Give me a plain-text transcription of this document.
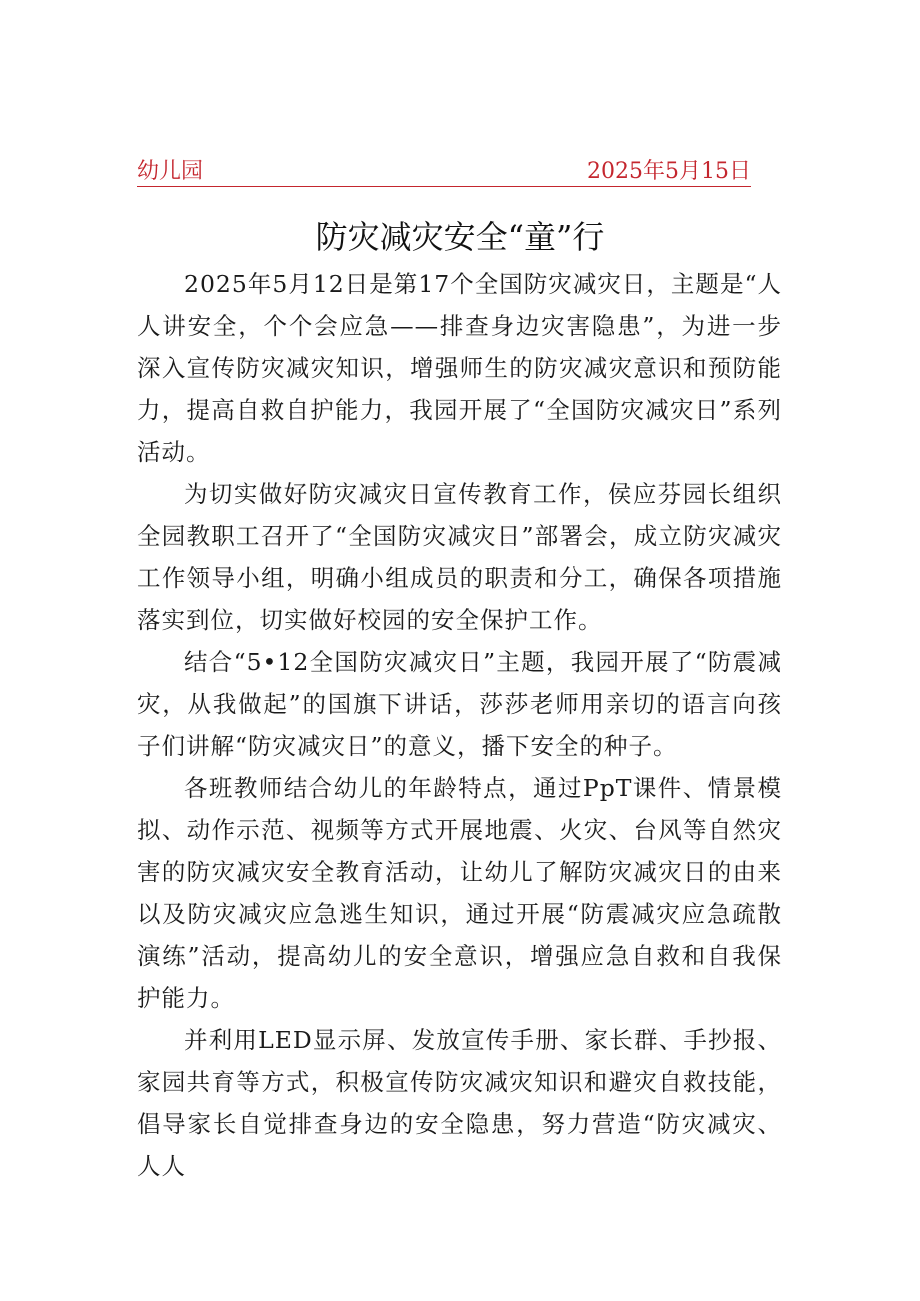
幼儿园	2025年5月15日
防灾减灾安全“童”行

2025年5月12日是第17个全国防灾减灾日，主题是“人人讲安全，个个会应急——排查身边灾害隐患”，为进一步深入宣传防灾减灾知识，增强师生的防灾减灾意识和预防能力，提高自救自护能力，我园开展了“全国防灾减灾日”系列活动。

为切实做好防灾减灾日宣传教育工作，侯应芬园长组织全园教职工召开了“全国防灾减灾日”部署会，成立防灾减灾工作领导小组，明确小组成员的职责和分工，确保各项措施落实到位，切实做好校园的安全保护工作。

结合“5•12全国防灾减灾日”主题，我园开展了“防震减灾，从我做起”的国旗下讲话，莎莎老师用亲切的语言向孩子们讲解“防灾减灾日”的意义，播下安全的种子。

各班教师结合幼儿的年龄特点，通过PpT课件、情景模拟、动作示范、视频等方式开展地震、火灾、台风等自然灾害的防灾减灾安全教育活动，让幼儿了解防灾减灾日的由来以及防灾减灾应急逃生知识，通过开展“防震减灾应急疏散演练”活动，提高幼儿的安全意识，增强应急自救和自我保护能力。

并利用LED显示屏、发放宣传手册、家长群、手抄报、家园共育等方式，积极宣传防灾减灾知识和避灾自救技能，倡导家长自觉排查身边的安全隐患，努力营造“防灾减灾、人人
